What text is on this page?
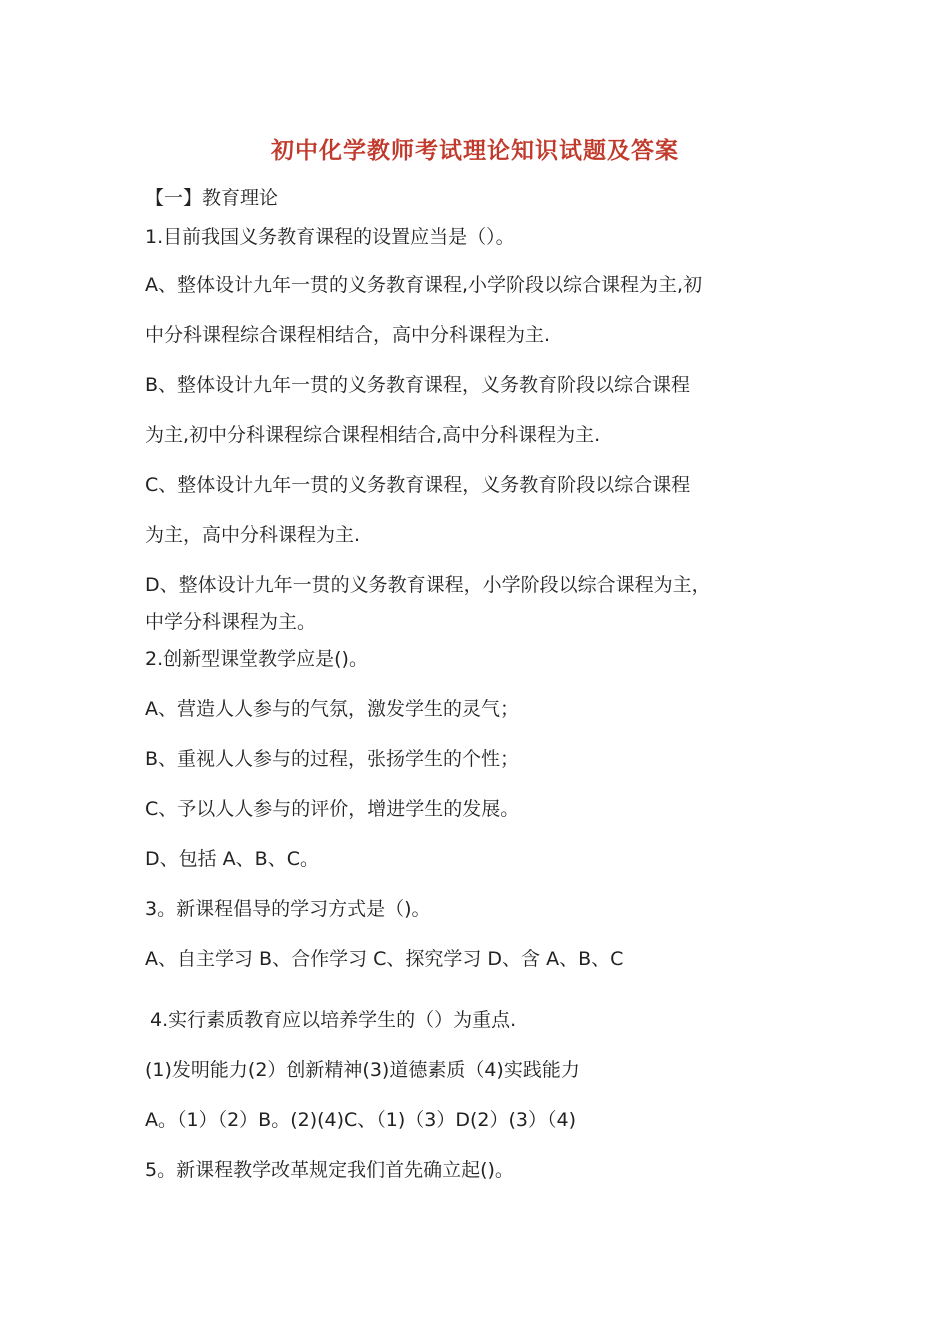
初中化学教师考试理论知识试题及答案
【一】教育理论
1.目前我国义务教育课程的设置应当是（）。
A、整体设计九年一贯的义务教育课程,小学阶段以综合课程为主,初
中分科课程综合课程相结合，高中分科课程为主.
B、整体设计九年一贯的义务教育课程，义务教育阶段以综合课程
为主,初中分科课程综合课程相结合,高中分科课程为主.
C、整体设计九年一贯的义务教育课程，义务教育阶段以综合课程
为主，高中分科课程为主.
D、整体设计九年一贯的义务教育课程，小学阶段以综合课程为主，
中学分科课程为主。
2.创新型课堂教学应是()。
A、营造人人参与的气氛，激发学生的灵气；
B、重视人人参与的过程，张扬学生的个性；
C、予以人人参与的评价，增进学生的发展。
D、包括 A、B、C。
3。新课程倡导的学习方式是（)。
A、自主学习 B、合作学习 C、探究学习 D、含 A、B、C
4.实行素质教育应以培养学生的（）为重点.
(1)发明能力(2）创新精神(3)道德素质（4)实践能力
A。（1）（2）B。(2)(4)C、（1)（3）D(2）(3）（4)
5。新课程教学改革规定我们首先确立起()。
